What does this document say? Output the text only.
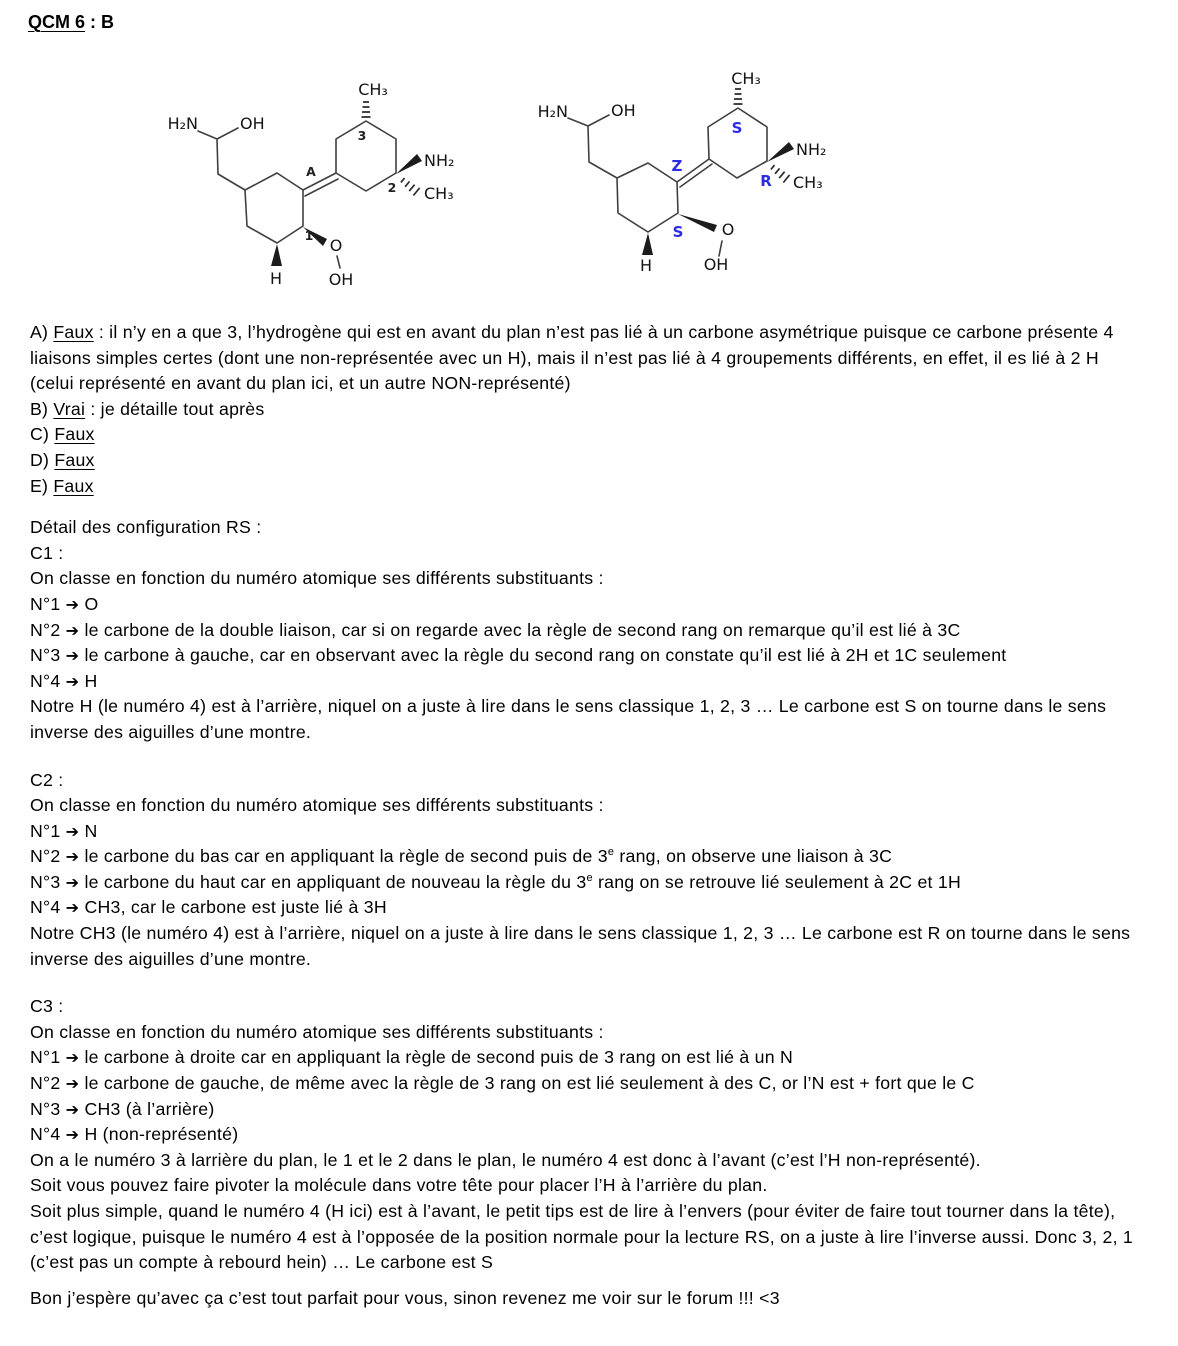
QCM 6 : B
H₂N	OH
CH₃
NH₂
CH₃
O
OH
H
A
3
2
1
H₂N	OH
CH₃
NH₂
CH₃
O
OH
H
Z
S
R
S
A) Faux : il n’y en a que 3, l’hydrogène qui est en avant du plan n’est pas lié à un carbone asymétrique puisque ce carbone présente 4 liaisons simples certes (dont une non-représentée avec un H), mais il n’est pas lié à 4 groupements différents, en effet, il es lié à 2 H (celui représenté en avant du plan ici, et un autre NON-représenté)
B) Vrai : je détaille tout après
C) Faux
D) Faux
E) Faux
Détail des configuration RS :
C1 :
On classe en fonction du numéro atomique ses différents substituants :
N°1 ➔ O
N°2 ➔ le carbone de la double liaison, car si on regarde avec la règle de second rang on remarque qu’il est lié à 3C
N°3 ➔ le carbone à gauche, car en observant avec la règle du second rang on constate qu’il est lié à 2H et 1C seulement
N°4 ➔ H
Notre H (le numéro 4) est à l’arrière, niquel on a juste à lire dans le sens classique 1, 2, 3 … Le carbone est S on tourne dans le sens inverse des aiguilles d’une montre.
C2 :
On classe en fonction du numéro atomique ses différents substituants :
N°1 ➔ N
N°2 ➔ le carbone du bas car en appliquant la règle de second puis de 3e rang, on observe une liaison à 3C
N°3 ➔ le carbone du haut car en appliquant de nouveau la règle du 3e rang on se retrouve lié seulement à 2C et 1H
N°4 ➔ CH3, car le carbone est juste lié à 3H
Notre CH3 (le numéro 4) est à l’arrière, niquel on a juste à lire dans le sens classique 1, 2, 3 … Le carbone est R on tourne dans le sens inverse des aiguilles d’une montre.
C3 :
On classe en fonction du numéro atomique ses différents substituants :
N°1 ➔ le carbone à droite car en appliquant la règle de second puis de 3 rang on est lié à un N
N°2 ➔ le carbone de gauche, de même avec la règle de 3 rang on est lié seulement à des C, or l’N est + fort que le C
N°3 ➔ CH3 (à l’arrière)
N°4 ➔ H (non-représenté)
On a le numéro 3 à larrière du plan, le 1 et le 2 dans le plan, le numéro 4 est donc à l’avant (c’est l’H non-représenté).
Soit vous pouvez faire pivoter la molécule dans votre tête pour placer l’H à l’arrière du plan.
Soit plus simple, quand le numéro 4 (H ici) est à l’avant, le petit tips est de lire à l’envers (pour éviter de faire tout tourner dans la tête), c’est logique, puisque le numéro 4 est à l’opposée de la position normale pour la lecture RS, on a juste à lire l’inverse aussi. Donc 3, 2, 1 (c’est pas un compte à rebourd hein) … Le carbone est S
Bon j’espère qu’avec ça c’est tout parfait pour vous, sinon revenez me voir sur le forum !!! <3
